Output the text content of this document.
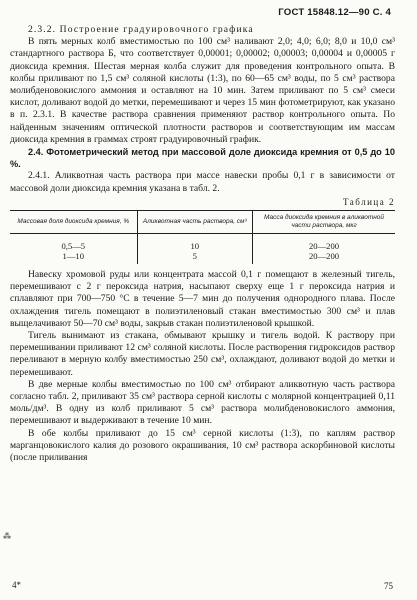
ГОСТ 15848.12—90 С. 4

2.3.2. Построение градуировочного графика

В пять мерных колб вместимостью по 100 см³ наливают 2,0; 4,0; 6,0; 8,0 и 10,0 см³ стандартного раствора Б, что соответствует 0,00001; 0,00002; 0,00003; 0,00004 и 0,00005 г диоксида кремния. Шестая мерная колба служит для проведения контрольного опыта. В колбы приливают по 1,5 см³ соляной кислоты (1:3), по 60—65 см³ воды, по 5 см³ раствора молибденовокислого аммония и оставляют на 10 мин. Затем приливают по 5 см³ смеси кислот, доливают водой до метки, перемешивают и через 15 мин фотометрируют, как указано в п. 2.3.1. В качестве раствора сравнения применяют раствор контрольного опыта. По найденным значениям оптической плотности растворов и соответствующим им массам диоксида кремния в граммах строят градуировочный график.

2.4. Фотометрический метод при массовой доле диоксида кремния от 0,5 до 10 %.

2.4.1. Аликвотная часть раствора при массе навески пробы 0,1 г в зависимости от массовой доли диоксида кремния указана в табл. 2.

Таблица 2
Массовая доля диоксида кремния, %	Аликвотная часть раствора, см³	Масса диоксида кремния в аликвотной части раствора, мкг
0,5—5	10	20—200
1—10	5	20—200

Навеску хромовой руды или концентрата массой 0,1 г помещают в железный тигель, перемешивают с 2 г пероксида натрия, насыпают сверху еще 1 г пероксида натрия и сплавляют при 700—750 °С в течение 5—7 мин до получения однородного плава. После охлаждения тигель помещают в полиэтиленовый стакан вместимостью 300 см³ и плав выщелачивают 50—70 см³ воды, закрыв стакан полиэтиленовой крышкой.

Тигель вынимают из стакана, обмывают крышку и тигель водой. К раствору при перемешивании приливают 12 см³ соляной кислоты. После растворения гидроксидов раствор переливают в мерную колбу вместимостью 250 см³, охлаждают, доливают водой до метки и перемешивают.

В две мерные колбы вместимостью по 100 см³ отбирают аликвотную часть раствора согласно табл. 2, приливают 35 см³ раствора серной кислоты с молярной концентрацией 0,11 моль/дм³. В одну из колб приливают 5 см³ раствора молибденовокислого аммония, перемешивают и выдерживают в течение 10 мин.

В обе колбы приливают до 15 см³ серной кислоты (1:3), по каплям раствор марганцовокислого калия до розового окрашивания, 10 см³ раствора аскорбиновой кислоты (после приливания

⁂
4*	75
